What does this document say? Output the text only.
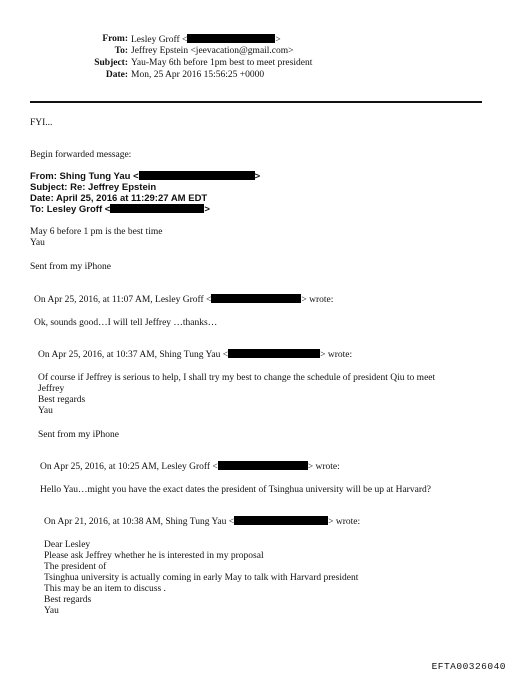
From: Lesley Groff <	>
To: Jeffrey Epstein <jeevacation@gmail.com>
Subject: Yau-May 6th before 1pm best to meet president
Date: Mon, 25 Apr 2016 15:56:25 +0000
FYI...
Begin forwarded message:
From: Shing Tung Yau <	>
Subject: Re: Jeffrey Epstein
Date: April 25, 2016 at 11:29:27 AM EDT
To: Lesley Groff <	>
May 6 before 1 pm is the best time
Yau
Sent from my iPhone
On Apr 25, 2016, at 11:07 AM, Lesley Groff <	> wrote:
Ok, sounds good…I will tell Jeffrey …thanks…
On Apr 25, 2016, at 10:37 AM, Shing Tung Yau <	> wrote:
Of course if Jeffrey is serious to help, I shall try my best to change the schedule of president Qiu to meet
Jeffrey
Best regards
Yau
Sent from my iPhone
On Apr 25, 2016, at 10:25 AM, Lesley Groff <	> wrote:
Hello Yau…might you have the exact dates the president of Tsinghua university will be up at Harvard?
On Apr 21, 2016, at 10:38 AM, Shing Tung Yau <	> wrote:
Dear Lesley
Please ask Jeffrey whether he is interested in my proposal
The president of
Tsinghua university is actually coming in early May to talk with Harvard president
This may be an item to discuss .
Best regards
Yau
EFTA00326040
